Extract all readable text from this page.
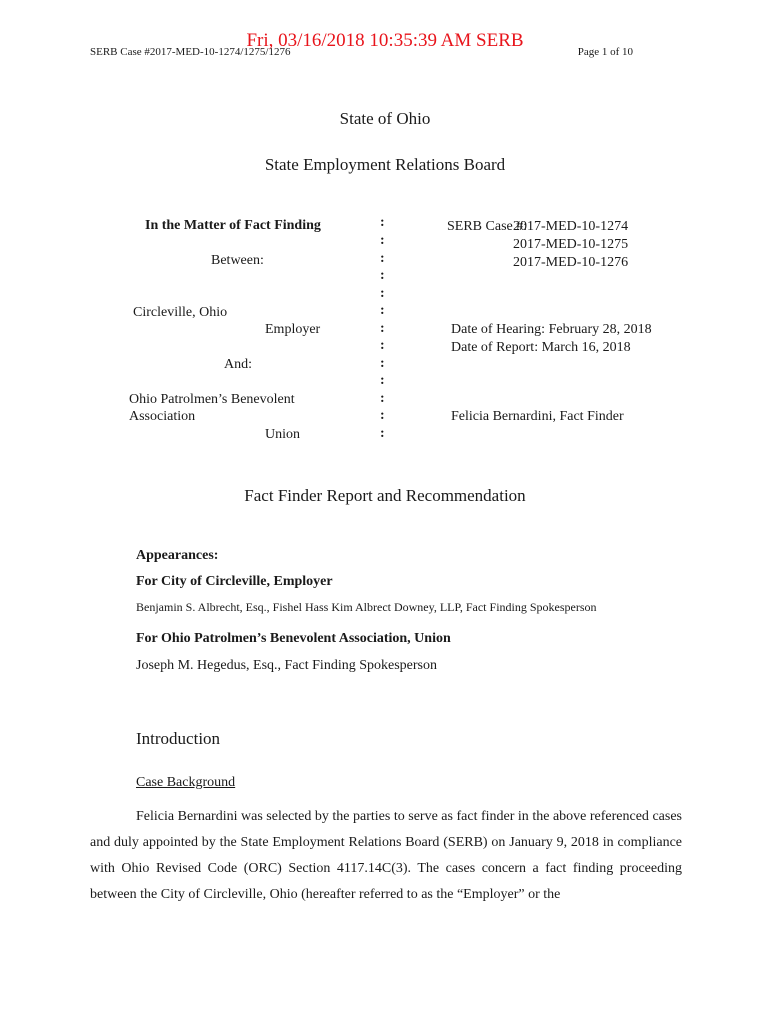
Fri, 03/16/2018 10:35:39 AM SERB
SERB Case #2017-MED-10-1274/1275/1276	Page 1 of 10
State of Ohio
State Employment Relations Board
In the Matter of Fact Finding
Between:
Circleville, Ohio
Employer
And:
Ohio Patrolmen’s Benevolent
Association
Union
:
:
:
:
:
:
:
:
:
:
:
:
:
SERB Case #:2017-MED-10-1274
2017-MED-10-1275
2017-MED-10-1276
Date of Hearing: February 28, 2018
Date of Report: March 16, 2018
Felicia Bernardini, Fact Finder
Fact Finder Report and Recommendation
Appearances:
For City of Circleville, Employer
Benjamin S. Albrecht, Esq., Fishel Hass Kim Albrect Downey, LLP, Fact Finding Spokesperson
For Ohio Patrolmen’s Benevolent Association, Union
Joseph M. Hegedus, Esq., Fact Finding Spokesperson
Introduction
Case Background
Felicia Bernardini was selected by the parties to serve as fact finder in the above referenced cases and duly appointed by the State Employment Relations Board (SERB) on January 9, 2018 in compliance with Ohio Revised Code (ORC) Section 4117.14C(3). The cases concern a fact finding proceeding between the City of Circleville, Ohio (hereafter referred to as the “Employer” or the
